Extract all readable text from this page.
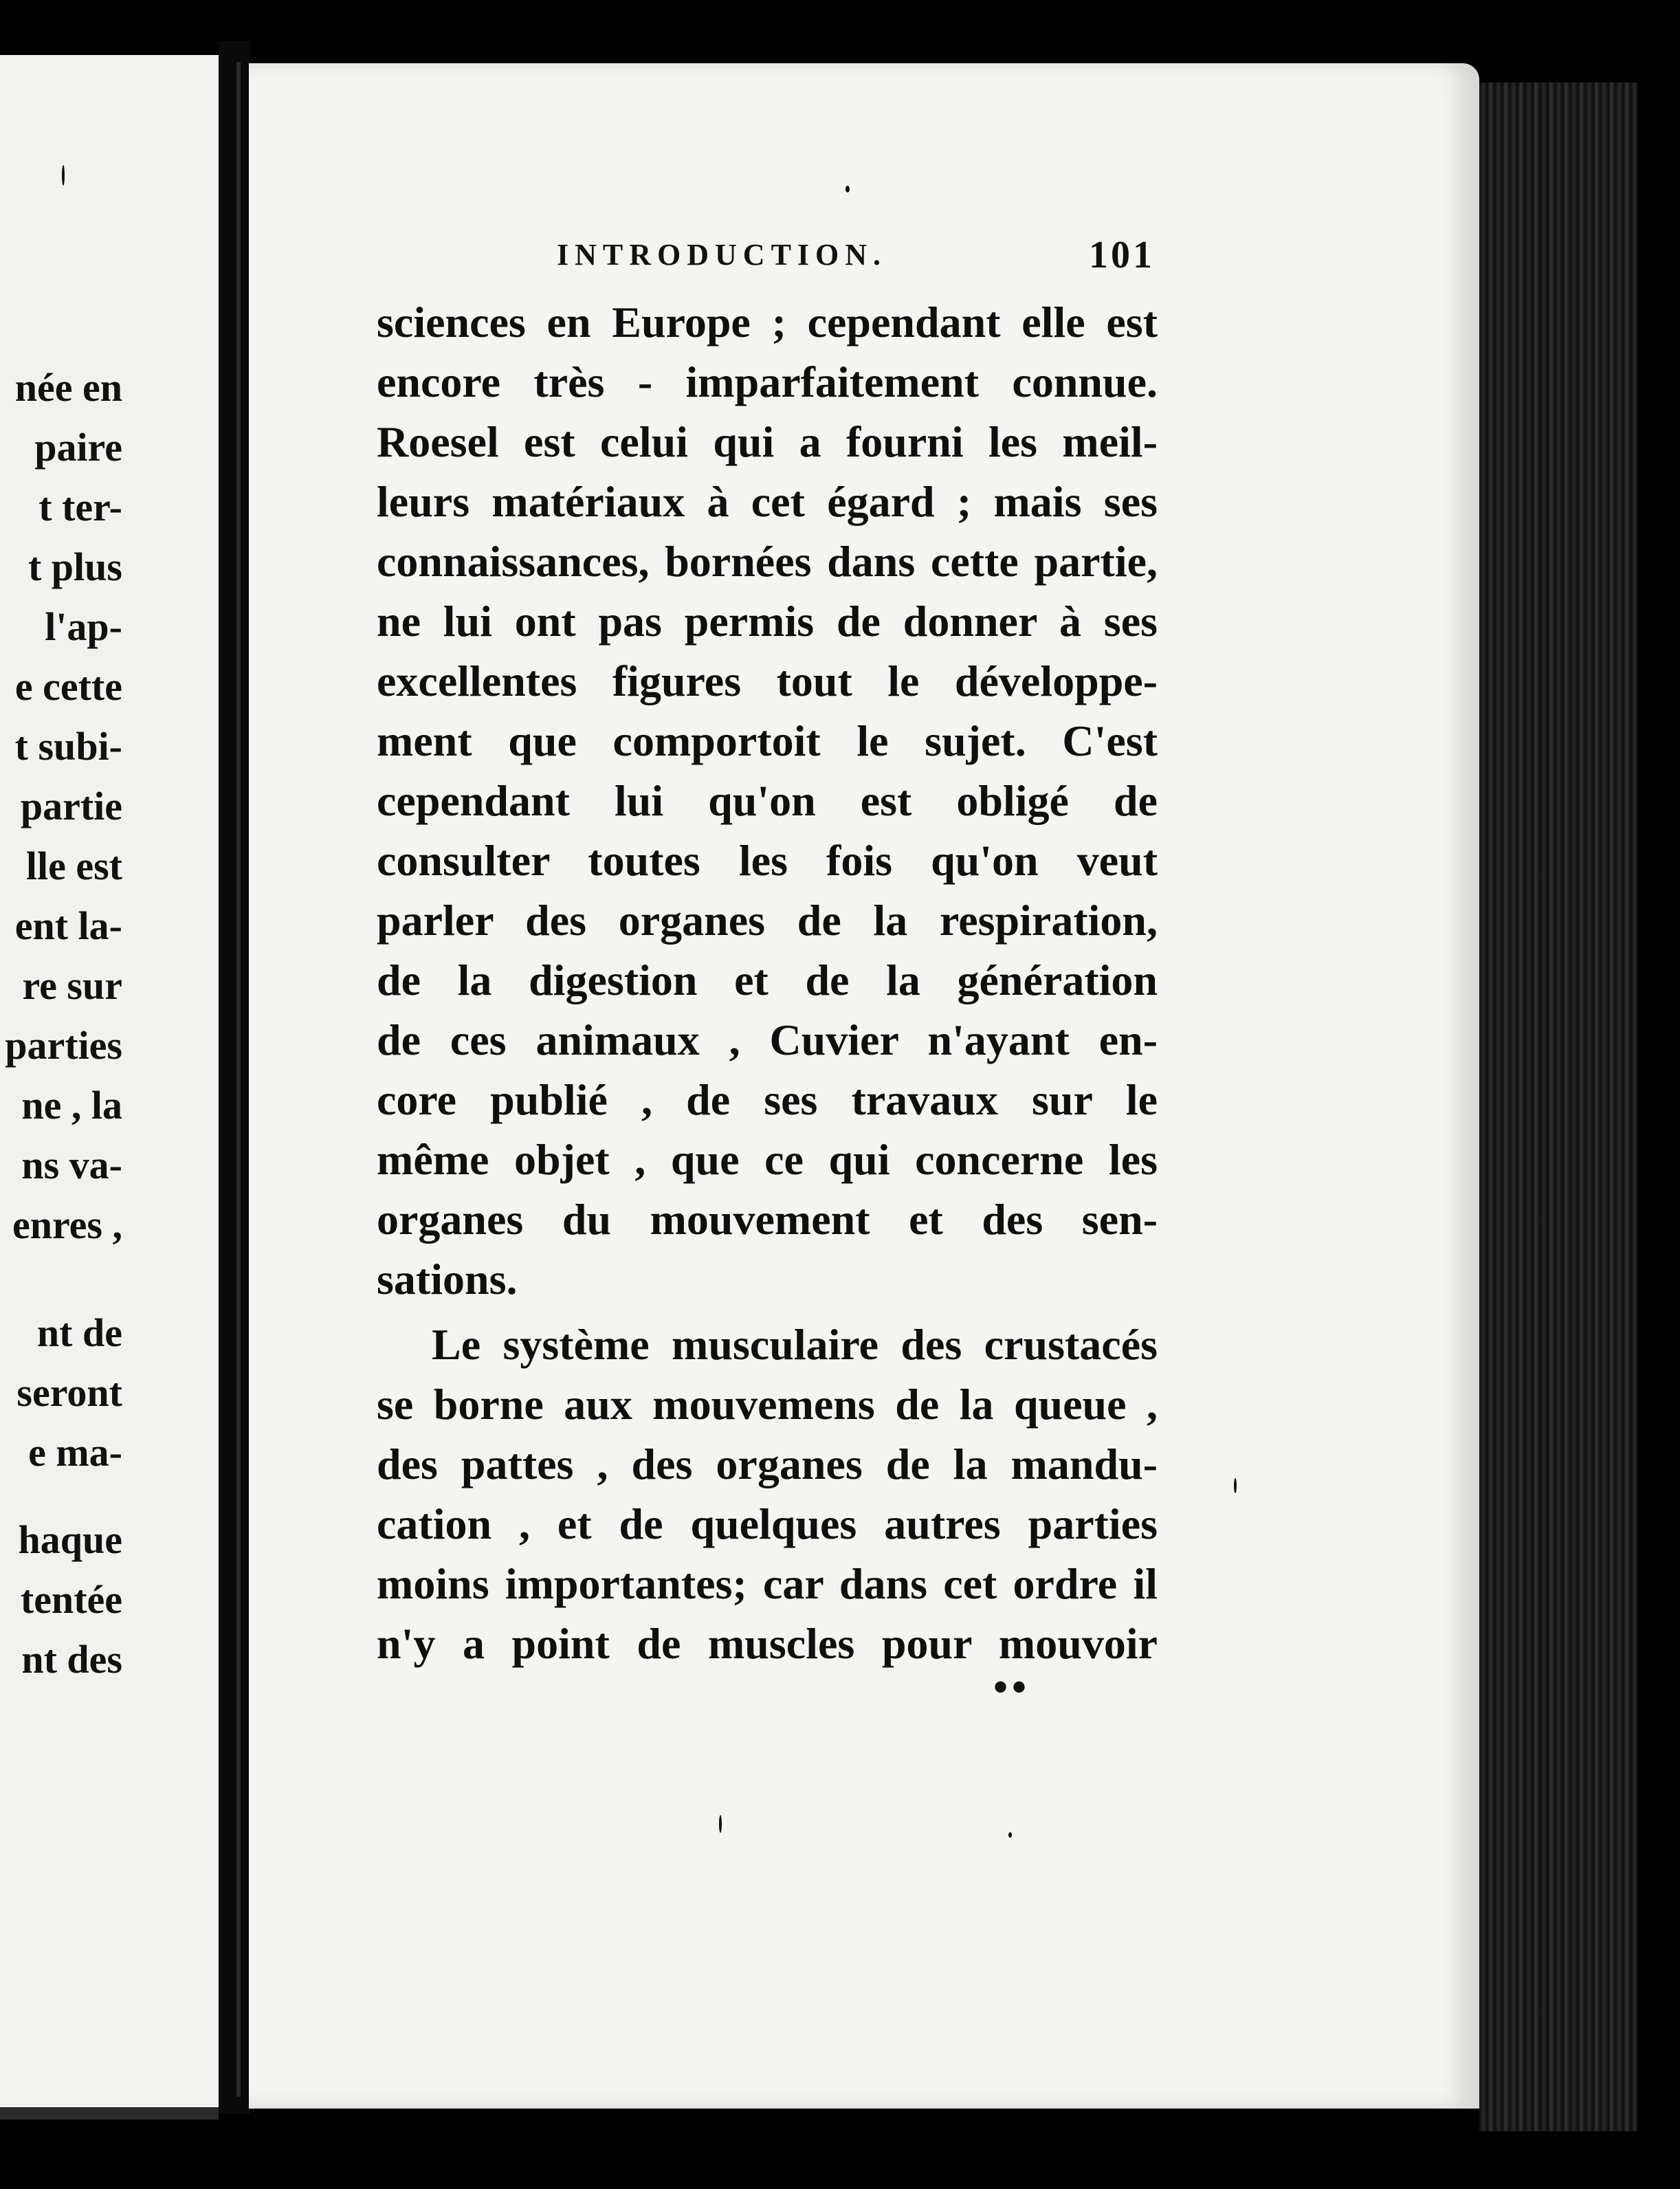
née en
paire
t ter-
t plus
l'ap-
e cette
t subi-
partie
lle est
ent la-
re sur
parties
ne , la
ns va-
enres ,
nt de
seront
e ma-
haque
tentée
nt des
INTRODUCTION.	101
sciences en Europe ; cependant elle est
encore très - imparfaitement connue.
Roesel est celui qui a fourni les meil-
leurs matériaux à cet égard ; mais ses
connaissances, bornées dans cette partie,
ne lui ont pas permis de donner à ses
excellentes figures tout le développe-
ment que comportoit le sujet. C'est
cependant lui qu'on est obligé de
consulter toutes les fois qu'on veut
parler des organes de la respiration,
de la digestion et de la génération
de ces animaux , Cuvier n'ayant en-
core publié , de ses travaux sur le
même objet , que ce qui concerne les
organes du mouvement et des sen-
sations.
Le système musculaire des crustacés
se borne aux mouvemens de la queue ,
des pattes , des organes de la mandu-
cation , et de quelques autres parties
moins importantes; car dans cet ordre il
n'y a point de muscles pour mouvoir
••
